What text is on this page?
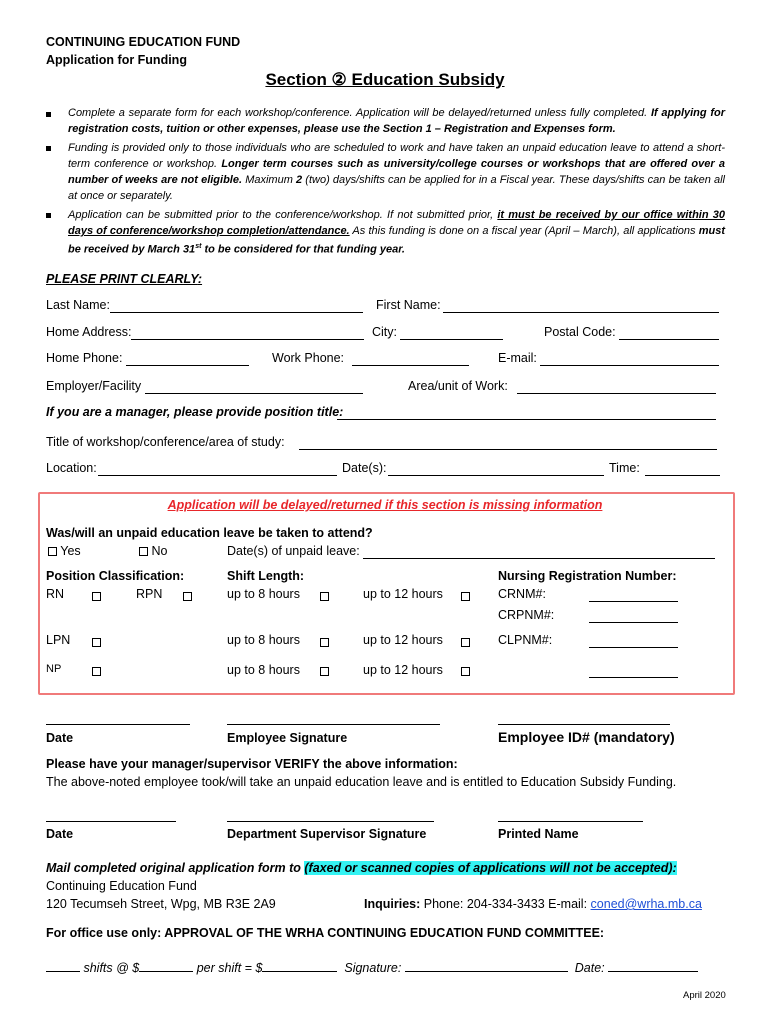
CONTINUING EDUCATION FUND
Application for Funding
Section ② Education Subsidy
Complete a separate form for each workshop/conference. Application will be delayed/returned unless fully completed. If applying for registration costs, tuition or other expenses, please use the Section 1 – Registration and Expenses form.
Funding is provided only to those individuals who are scheduled to work and have taken an unpaid education leave to attend a short-term conference or workshop. Longer term courses such as university/college courses or workshops that are offered over a number of weeks are not eligible. Maximum 2 (two) days/shifts can be applied for in a Fiscal year. These days/shifts can be taken all at once or separately.
Application can be submitted prior to the conference/workshop. If not submitted prior, it must be received by our office within 30 days of conference/workshop completion/attendance. As this funding is done on a fiscal year (April – March), all applications must be received by March 31st to be considered for that funding year.
PLEASE PRINT CLEARLY:
Last Name:	First Name:
Home Address:	City:	Postal Code:
Home Phone:	Work Phone:	E-mail:
Employer/Facility	Area/unit of Work:
If you are a manager, please provide position title:
Title of workshop/conference/area of study:
Location:	Date(s):	Time:
Application will be delayed/returned if this section is missing information
Was/will an unpaid education leave be taken to attend?
Yes	No	Date(s) of unpaid leave:
Position Classification:	Shift Length:	Nursing Registration Number:
RN	RPN	up to 8 hours	up to 12 hours	CRNM#:
CRPNM#:
LPN	up to 8 hours	up to 12 hours	CLPNM#:
NP	up to 8 hours	up to 12 hours
Date	Employee Signature	Employee ID# (mandatory)
Please have your manager/supervisor VERIFY the above information:
The above-noted employee took/will take an unpaid education leave and is entitled to Education Subsidy Funding.
Date	Department Supervisor Signature	Printed Name
Mail completed original application form to (faxed or scanned copies of applications will not be accepted):
Continuing Education Fund
120 Tecumseh Street, Wpg, MB R3E 2A9	Inquiries: Phone: 204-334-3433 E-mail: coned@wrha.mb.ca
For office use only: APPROVAL OF THE WRHA CONTINUING EDUCATION FUND COMMITTEE:
shifts @ $	per shift = $	Signature:	Date:
April 2020
